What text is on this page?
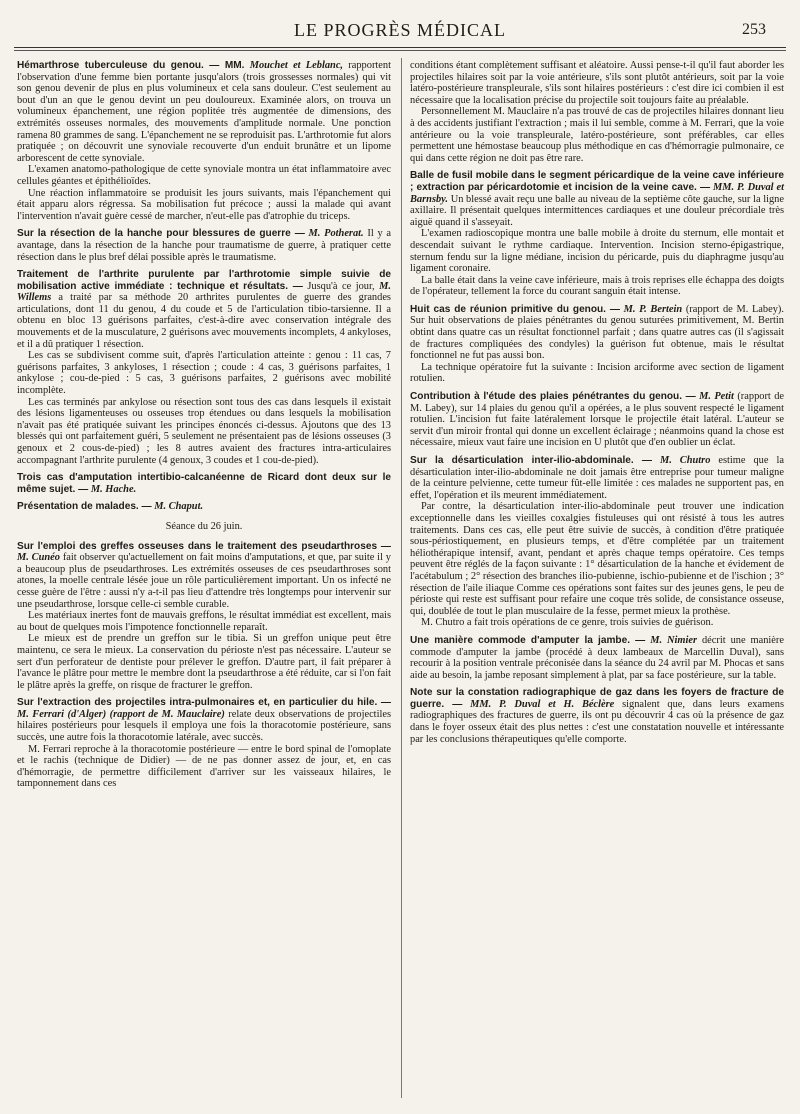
LE PROGRÈS MÉDICAL	253

Hémarthrose tuberculeuse du genou. — MM. Mouchet et Leblanc, rapportent l'observation d'une femme bien portante jusqu'alors (trois grossesses normales) qui vit son genou devenir de plus en plus volumineux et cela sans douleur. C'est seulement au bout d'un an que le genou devint un peu douloureux. Examinée alors, on trouva un volumineux épanchement, une région poplitée très augmentée de dimensions, des extrémités osseuses normales, des mouvements d'amplitude normale. Une ponction ramena 80 grammes de sang. L'épanchement ne se reproduisit pas. L'arthrotomie fut alors pratiquée ; on découvrit une synoviale recouverte d'un enduit brunâtre et un lipome arborescent de cette synoviale.

L'examen anatomo-pathologique de cette synoviale montra un état inflammatoire avec cellules géantes et épithélioïdes.

Une réaction inflammatoire se produisit les jours suivants, mais l'épanchement qui était apparu alors régressa. Sa mobilisation fut précoce ; aussi la malade qui avant l'intervention n'avait guère cessé de marcher, n'eut-elle pas d'atrophie du triceps.

Sur la résection de la hanche pour blessures de guerre — M. Potherat. Il y a avantage, dans la résection de la hanche pour traumatisme de guerre, à pratiquer cette résection dans le plus bref délai possible après le traumatisme.

Traitement de l'arthrite purulente par l'arthrotomie simple suivie de mobilisation active immédiate : technique et résultats. — Jusqu'à ce jour, M. Willems a traité par sa méthode 20 arthrites purulentes de guerre des grandes articulations, dont 11 du genou, 4 du coude et 5 de l'articulation tibio-tarsienne. Il a obtenu en bloc 13 guérisons parfaites, c'est-à-dire avec conservation intégrale des mouvements et de la musculature, 2 guérisons avec mouvements incomplets, 4 ankyloses, et il a dû pratiquer 1 résection.

Les cas se subdivisent comme suit, d'après l'articulation atteinte : genou : 11 cas, 7 guérisons parfaites, 3 ankyloses, 1 résection ; coude : 4 cas, 3 guérisons parfaites, 1 ankylose ; cou-de-pied : 5 cas, 3 guérisons parfaites, 2 guérisons avec mobilité incomplète.

Les cas terminés par ankylose ou résection sont tous des cas dans lesquels il existait des lésions ligamenteuses ou osseuses trop étendues ou dans lesquels la mobilisation n'avait pas été pratiquée suivant les principes énoncés ci-dessus. Ajoutons que des 13 blessés qui ont parfaitement guéri, 5 seulement ne présentaient pas de lésions osseuses (3 genoux et 2 cous-de-pied) ; les 8 autres avaient des fractures intra-articulaires accompagnant l'arthrite purulente (4 genoux, 3 coudes et 1 cou-de-pied).

Trois cas d'amputation intertibio-calcanéenne de Ricard dont deux sur le même sujet. — M. Hache.

Présentation de malades. — M. Chaput.

Séance du 26 juin.

Sur l'emploi des greffes osseuses dans le traitement des pseudarthroses — M. Cunéo fait observer qu'actuellement on fait moins d'amputations, et que, par suite il y a beaucoup plus de pseudarthroses. Les extrémités osseuses de ces pseudarthroses sont atones, la moelle centrale lésée joue un rôle particulièrement important. Un os infecté ne cesse guère de l'être : aussi n'y a-t-il pas lieu d'attendre très longtemps pour intervenir sur une pseudarthrose, lorsque celle-ci semble curable.

Les matériaux inertes font de mauvais greffons, le résultat immédiat est excellent, mais au bout de quelques mois l'impotence fonctionnelle reparaît.

Le mieux est de prendre un greffon sur le tibia. Si un greffon unique peut être maintenu, ce sera le mieux. La conservation du périoste n'est pas nécessaire. L'auteur se sert d'un perforateur de dentiste pour prélever le greffon. D'autre part, il fait préparer à l'avance le plâtre pour mettre le membre dont la pseudarthrose a été réduite, car si l'on fait le plâtre après la greffe, on risque de fracturer le greffon.

Sur l'extraction des projectiles intra-pulmonaires et, en particulier du hile. — M. Ferrari (d'Alger) (rapport de M. Mauclaire) relate deux observations de projectiles hilaires postérieurs pour lesquels il employa une fois la thoracotomie postérieure, sans succès, une autre fois la thoracotomie latérale, avec succès.

M. Ferrari reproche à la thoracotomie postérieure — entre le bord spinal de l'omoplate et le rachis (technique de Didier) — de ne pas donner assez de jour, et, en cas d'hémorragie, de permettre difficilement d'arriver sur les vaisseaux hilaires, le tamponnement dans ces

conditions étant complètement suffisant et aléatoire. Aussi pense-t-il qu'il faut aborder les projectiles hilaires soit par la voie antérieure, s'ils sont plutôt antérieurs, soit par la voie latéro-postérieure transpleurale, s'ils sont hilaires postérieurs : c'est dire ici combien il est nécessaire que la localisation précise du projectile soit toujours faite au préalable.

Personnellement M. Mauclaire n'a pas trouvé de cas de projectiles hilaires donnant lieu à des accidents justifiant l'extraction ; mais il lui semble, comme à M. Ferrari, que la voie antérieure ou la voie transpleurale, latéro-postérieure, sont préférables, car elles permettent une hémostase beaucoup plus méthodique en cas d'hémorragie pulmonaire, ce qui dans cette région ne doit pas être rare.

Balle de fusil mobile dans le segment péricardique de la veine cave inférieure ; extraction par péricardotomie et incision de la veine cave. — MM. P. Duval et Barnsby. Un blessé avait reçu une balle au niveau de la septième côte gauche, sur la ligne axillaire. Il présentait quelques intermittences cardiaques et une douleur précordiale très aiguë quand il s'asseyait.

L'examen radioscopique montra une balle mobile à droite du sternum, elle montait et descendait suivant le rythme cardiaque. Intervention. Incision sterno-épigastrique, sternum fendu sur la ligne médiane, incision du péricarde, puis du diaphragme jusqu'au ligament coronaire.

La balle était dans la veine cave inférieure, mais à trois reprises elle échappa des doigts de l'opérateur, tellement la force du courant sanguin était intense.

Huit cas de réunion primitive du genou. — M. P. Bertein (rapport de M. Labey). Sur huit observations de plaies pénétrantes du genou suturées primitivement, M. Bertin obtint dans quatre cas un résultat fonctionnel parfait ; dans quatre autres cas (il s'agissait de fractures compliquées des condyles) la guérison fut obtenue, mais le résultat fonctionnel ne fut pas aussi bon.

La technique opératoire fut la suivante : Incision arciforme avec section de ligament rotulien.

Contribution à l'étude des plaies pénétrantes du genou. — M. Petit (rapport de M. Labey), sur 14 plaies du genou qu'il a opérées, a le plus souvent respecté le ligament rotulien. L'incision fut faite latéralement lorsque le projectile était latéral. L'auteur se servit d'un miroir frontal qui donne un excellent éclairage ; néanmoins quand la chose est nécessaire, mieux vaut faire une incision en U plutôt que d'en oublier un éclat.

Sur la désarticulation inter-ilio-abdominale. — M. Chutro estime que la désarticulation inter-ilio-abdominale ne doit jamais être entreprise pour tumeur maligne de la ceinture pelvienne, cette tumeur fût-elle limitée : ces malades ne supportent pas, en effet, l'opération et ils meurent immédiatement.

Par contre, la désarticulation inter-ilio-abdominale peut trouver une indication exceptionnelle dans les vieilles coxalgies fistuleuses qui ont résisté à tous les autres traitements. Dans ces cas, elle peut être suivie de succès, à condition d'être pratiquée sous-périostiquement, en plusieurs temps, et d'être complétée par un traitement héliothérapique intensif, avant, pendant et après chaque temps opératoire. Ces temps peuvent être réglés de la façon suivante : 1° désarticulation de la hanche et évidement de l'acétabulum ; 2° résection des branches ilio-pubienne, ischio-pubienne et de l'ischion ; 3° résection de l'aile iliaque Comme ces opérations sont faites sur des jeunes gens, le peu de périoste qui reste est suffisant pour refaire une coque très solide, de consistance osseuse, qui, doublée de tout le plan musculaire de la fesse, permet mieux la prothèse.

M. Chutro a fait trois opérations de ce genre, trois suivies de guérison.

Une manière commode d'amputer la jambe. — M. Nimier décrit une manière commode d'amputer la jambe (procédé à deux lambeaux de Marcellin Duval), sans recourir à la position ventrale préconisée dans la séance du 24 avril par M. Phocas et sans aide au besoin, la jambe reposant simplement à plat, par sa face postérieure, sur la table.

Note sur la constation radiographique de gaz dans les foyers de fracture de guerre. — MM. P. Duval et H. Béclère signalent que, dans leurs examens radiographiques des fractures de guerre, ils ont pu découvrir 4 cas où la présence de gaz dans le foyer osseux était des plus nettes : c'est une constatation nouvelle et intéressante par les conclusions thérapeutiques qu'elle comporte.
